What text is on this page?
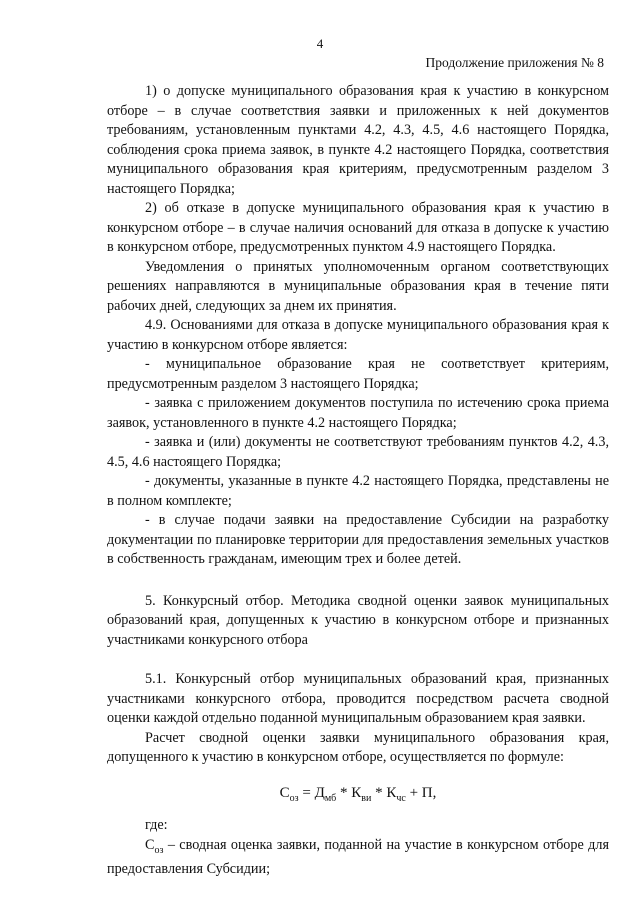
4
Продолжение приложения № 8

1) о допуске муниципального образования края к участию в конкурсном отборе – в случае соответствия заявки и приложенных к ней документов требованиям, установленным пунктами 4.2, 4.3, 4.5, 4.6 настоящего Порядка, соблюдения срока приема заявок, в пункте 4.2 настоящего Порядка, соответствия муниципального образования края критериям, предусмотренным разделом 3 настоящего Порядка;

2) об отказе в допуске муниципального образования края к участию в конкурсном отборе – в случае наличия оснований для отказа в допуске к участию в конкурсном отборе, предусмотренных пунктом 4.9 настоящего Порядка.

Уведомления о принятых уполномоченным органом соответствующих решениях направляются в муниципальные образования края в течение пяти рабочих дней, следующих за днем их принятия.

4.9. Основаниями для отказа в допуске муниципального образования края к участию в конкурсном отборе является:

- муниципальное образование края не соответствует критериям, предусмотренным разделом 3 настоящего Порядка;

- заявка с приложением документов поступила по истечению срока приема заявок, установленного в пункте 4.2 настоящего Порядка;

- заявка и (или) документы не соответствуют требованиям пунктов 4.2, 4.3, 4.5, 4.6 настоящего Порядка;

- документы, указанные в пункте 4.2 настоящего Порядка, представлены не в полном комплекте;

- в случае подачи заявки на предоставление Субсидии на разработку документации по планировке территории для предоставления земельных участков в собственность гражданам, имеющим трех и более детей.

5. Конкурсный отбор. Методика сводной оценки заявок муниципальных образований края, допущенных к участию в конкурсном отборе и признанных участниками конкурсного отбора

5.1. Конкурсный отбор муниципальных образований края, признанных участниками конкурсного отбора, проводится посредством расчета сводной оценки каждой отдельно поданной муниципальным образованием края заявки.

Расчет сводной оценки заявки муниципального образования края, допущенного к участию в конкурсном отборе, осуществляется по формуле:

$С_{оз} = Д_{мб} * К_{ви} * К_{чс} + П$,

где:

$С_{оз}$ – сводная оценка заявки, поданной на участие в конкурсном отборе для предоставления Субсидии;
